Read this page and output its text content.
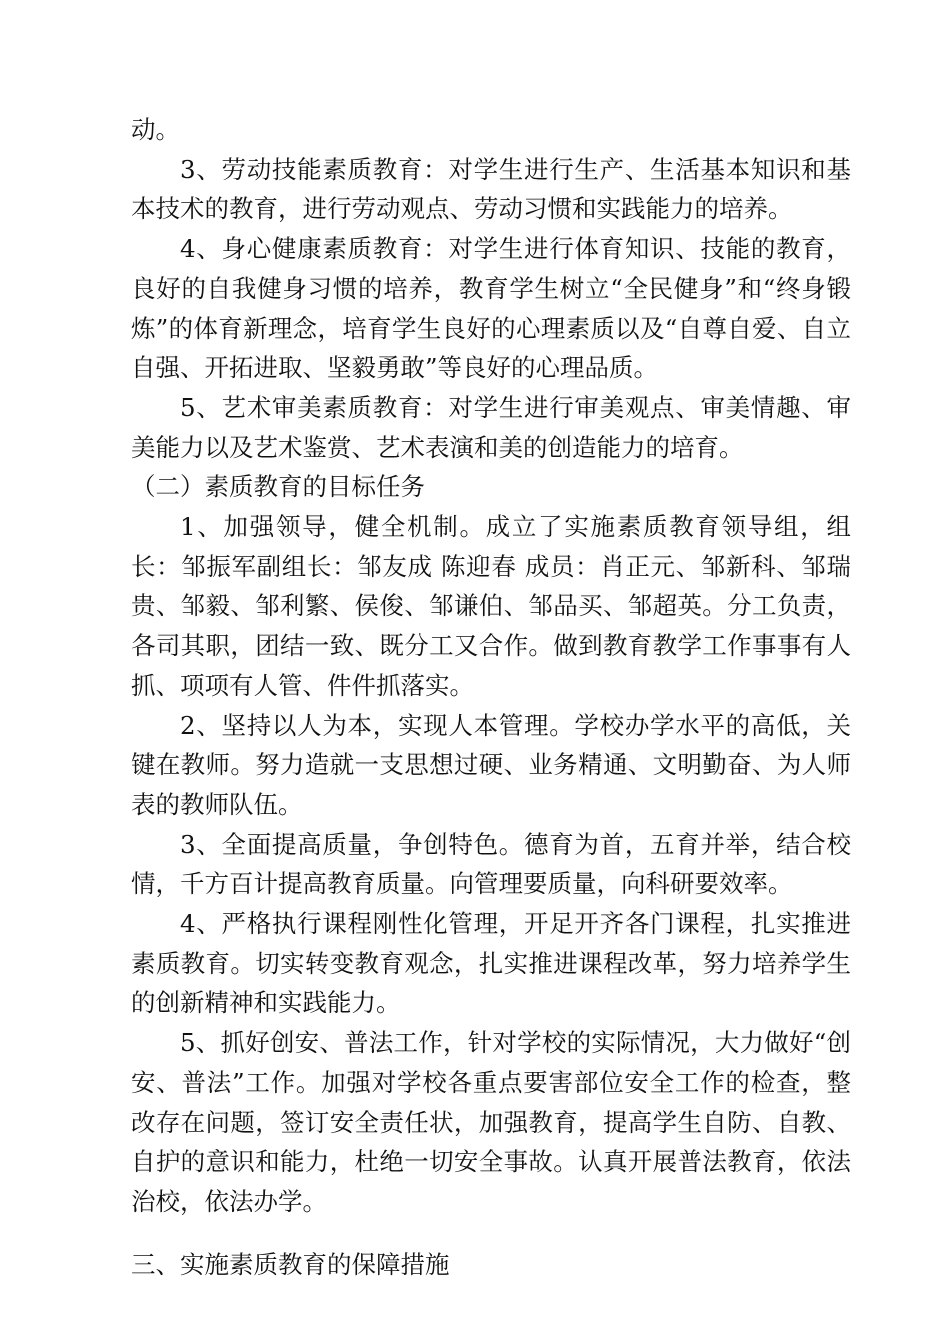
动。

3、劳动技能素质教育：对学生进行生产、生活基本知识和基本技术的教育，进行劳动观点、劳动习惯和实践能力的培养。

4、身心健康素质教育：对学生进行体育知识、技能的教育，良好的自我健身习惯的培养，教育学生树立“全民健身”和“终身锻炼”的体育新理念，培育学生良好的心理素质以及“自尊自爱、自立自强、开拓进取、坚毅勇敢”等良好的心理品质。

5、艺术审美素质教育：对学生进行审美观点、审美情趣、审美能力以及艺术鉴赏、艺术表演和美的创造能力的培育。

（二）素质教育的目标任务

1、加强领导，健全机制。成立了实施素质教育领导组，组长：邹振军副组长：邹友成 陈迎春 成员：肖正元、邹新科、邹瑞贵、邹毅、邹利繁、侯俊、邹谦伯、邹品买、邹超英。分工负责，各司其职，团结一致、既分工又合作。做到教育教学工作事事有人抓、项项有人管、件件抓落实。

2、坚持以人为本，实现人本管理。学校办学水平的高低，关键在教师。努力造就一支思想过硬、业务精通、文明勤奋、为人师表的教师队伍。

3、全面提高质量，争创特色。德育为首，五育并举，结合校情，千方百计提高教育质量。向管理要质量，向科研要效率。

4、严格执行课程刚性化管理，开足开齐各门课程，扎实推进素质教育。切实转变教育观念，扎实推进课程改革，努力培养学生的创新精神和实践能力。

5、抓好创安、普法工作，针对学校的实际情况，大力做好“创安、普法”工作。加强对学校各重点要害部位安全工作的检查，整改存在问题，签订安全责任状，加强教育，提高学生自防、自教、自护的意识和能力，杜绝一切安全事故。认真开展普法教育，依法治校，依法办学。

三、实施素质教育的保障措施
